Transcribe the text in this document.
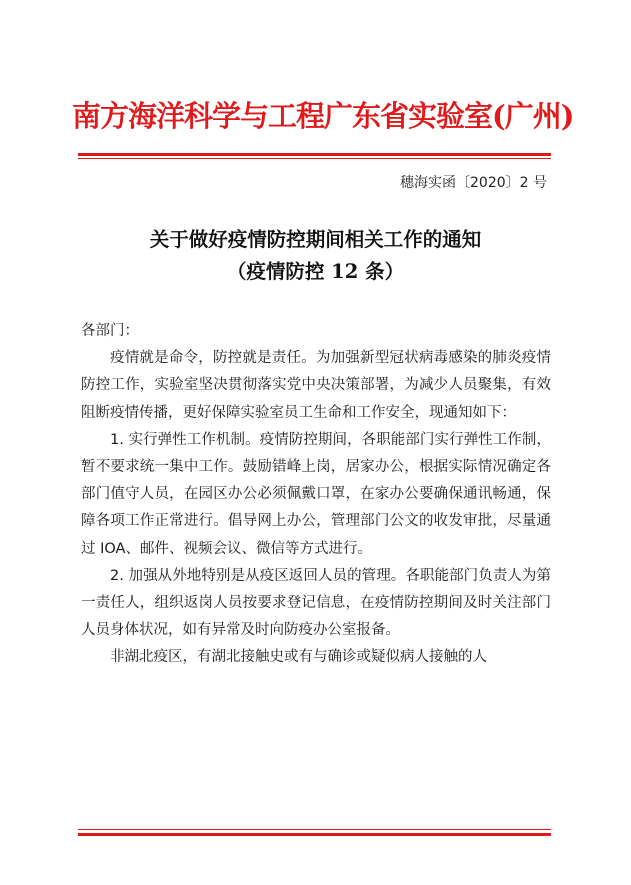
南方海洋科学与工程广东省实验室(广州)
穗海实函〔2020〕2 号
关于做好疫情防控期间相关工作的通知
（疫情防控 12 条）

各部门：

疫情就是命令，防控就是责任。为加强新型冠状病毒感染的肺炎疫情防控工作，实验室坚决贯彻落实党中央决策部署，为减少人员聚集，有效阻断疫情传播，更好保障实验室员工生命和工作安全，现通知如下：

1. 实行弹性工作机制。疫情防控期间，各职能部门实行弹性工作制，暂不要求统一集中工作。鼓励错峰上岗，居家办公，根据实际情况确定各部门值守人员，在园区办公必须佩戴口罩，在家办公要确保通讯畅通，保障各项工作正常进行。倡导网上办公，管理部门公文的收发审批，尽量通过 IOA、邮件、视频会议、微信等方式进行。

2. 加强从外地特别是从疫区返回人员的管理。各职能部门负责人为第一责任人，组织返岗人员按要求登记信息，在疫情防控期间及时关注部门人员身体状况，如有异常及时向防疫办公室报备。

非湖北疫区，有湖北接触史或有与确诊或疑似病人接触的人
